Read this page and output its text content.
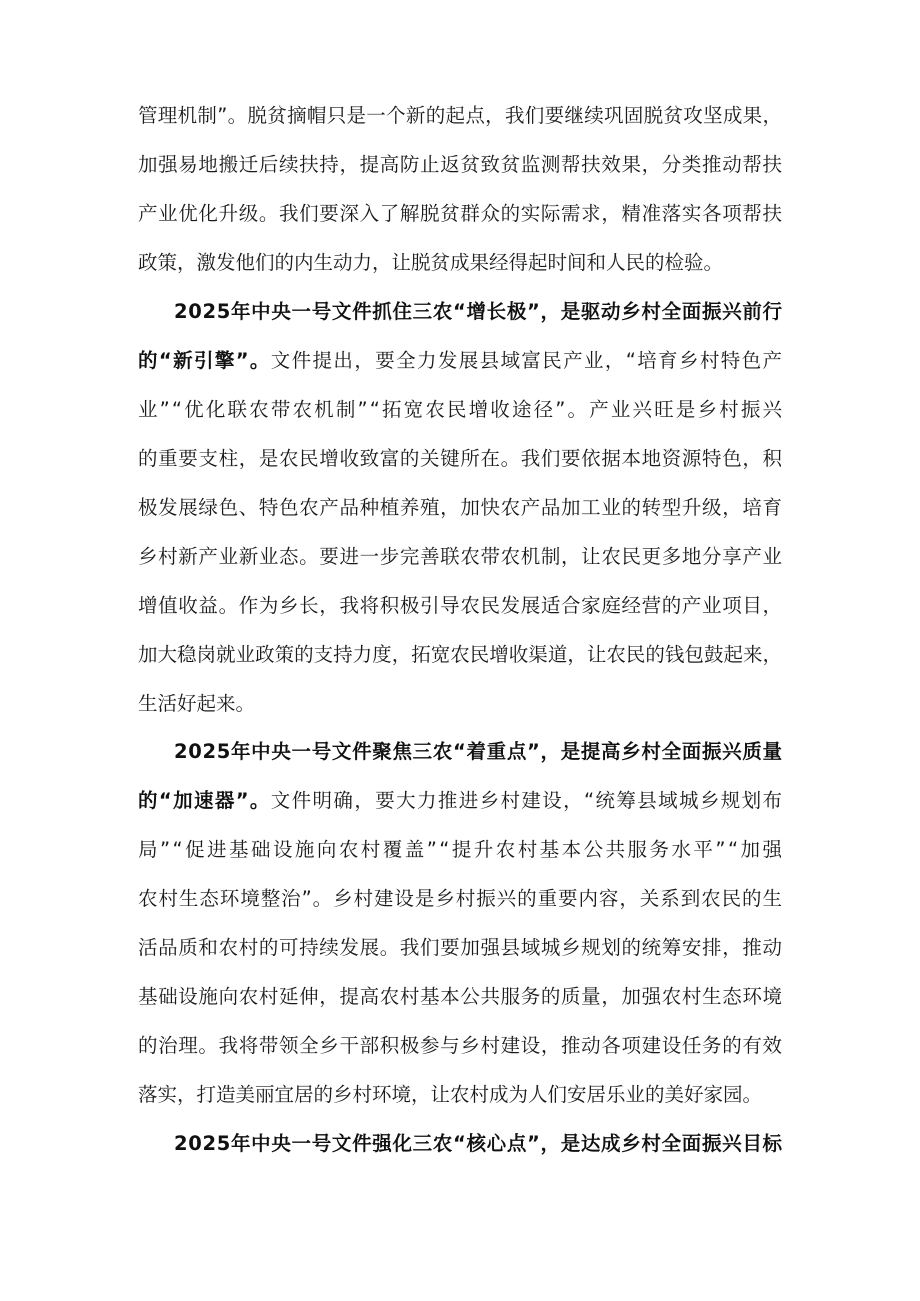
管理机制”。脱贫摘帽只是一个新的起点，我们要继续巩固脱贫攻坚成果，
加强易地搬迁后续扶持，提高防止返贫致贫监测帮扶效果，分类推动帮扶
产业优化升级。我们要深入了解脱贫群众的实际需求，精准落实各项帮扶
政策，激发他们的内生动力，让脱贫成果经得起时间和人民的检验。
2025年中央一号文件抓住三农“增长极”，是驱动乡村全面振兴前行
的“新引擎”。文件提出，要全力发展县域富民产业，“培育乡村特色产
业”“优化联农带农机制”“拓宽农民增收途径”。产业兴旺是乡村振兴
的重要支柱，是农民增收致富的关键所在。我们要依据本地资源特色，积
极发展绿色、特色农产品种植养殖，加快农产品加工业的转型升级，培育
乡村新产业新业态。要进一步完善联农带农机制，让农民更多地分享产业
增值收益。作为乡长，我将积极引导农民发展适合家庭经营的产业项目，
加大稳岗就业政策的支持力度，拓宽农民增收渠道，让农民的钱包鼓起来，
生活好起来。
2025年中央一号文件聚焦三农“着重点”，是提高乡村全面振兴质量
的“加速器”。文件明确，要大力推进乡村建设，“统筹县域城乡规划布
局”“促进基础设施向农村覆盖”“提升农村基本公共服务水平”“加强
农村生态环境整治”。乡村建设是乡村振兴的重要内容，关系到农民的生
活品质和农村的可持续发展。我们要加强县域城乡规划的统筹安排，推动
基础设施向农村延伸，提高农村基本公共服务的质量，加强农村生态环境
的治理。我将带领全乡干部积极参与乡村建设，推动各项建设任务的有效
落实，打造美丽宜居的乡村环境，让农村成为人们安居乐业的美好家园。
2025年中央一号文件强化三农“核心点”，是达成乡村全面振兴目标
